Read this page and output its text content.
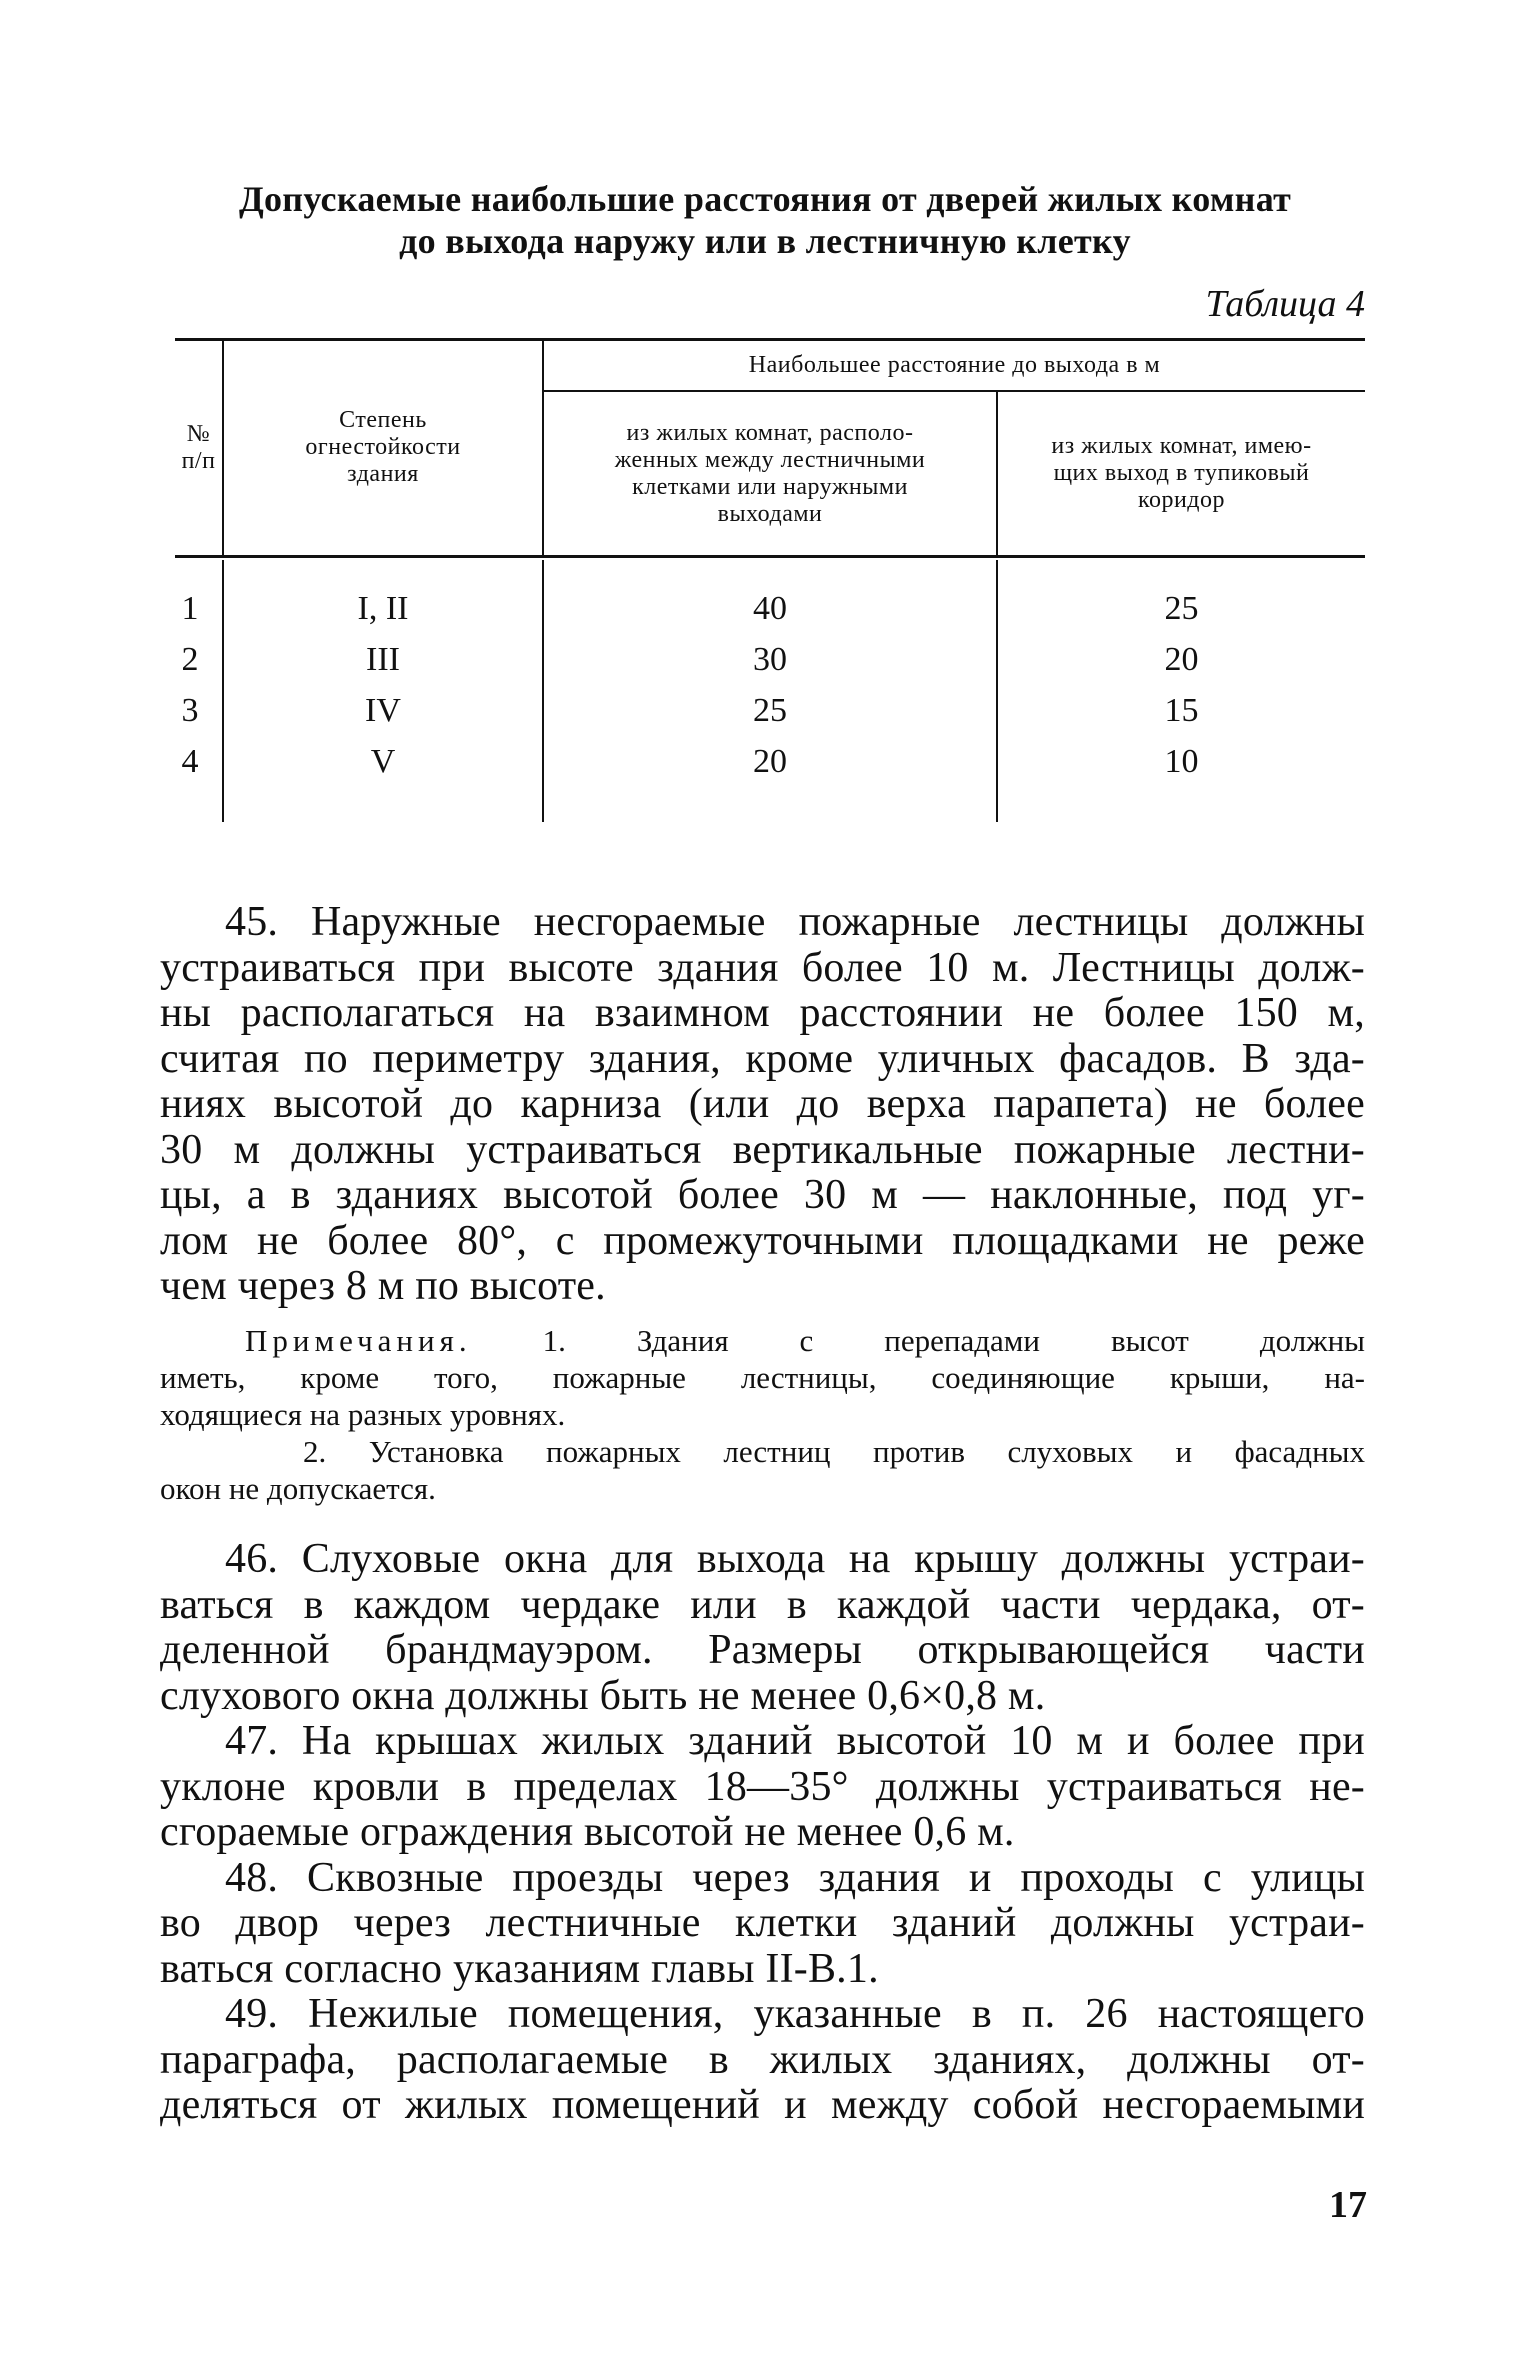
Допускаемые наибольшие расстояния от дверей жилых комнат
до выхода наружу или в лестничную клетку
Таблица 4
№
п/п
Степень
огнестойкости
здания
Наибольшее расстояние до выхода в м
из жилых комнат, располо-
женных между лестничными
клетками или наружными
выходами
из жилых комнат, имею-
щих выход в тупиковый
коридор
1
2
3
4
I, II
III
IV
V
40
30
25
20
25
20
15
10
45. Наружные несгораемые пожарные лестницы должны
устраиваться при высоте здания более 10 м. Лестницы долж-
ны располагаться на взаимном расстоянии не более 150 м,
считая по периметру здания, кроме уличных фасадов. В зда-
ниях высотой до карниза (или до верха парапета) не более
30 м должны устраиваться вертикальные пожарные лестни-
цы, а в зданиях высотой более 30 м — наклонные, под уг-
лом не более 80°, с промежуточными площадками не реже
чем через 8 м по высоте.
Примечания. 1. Здания с перепадами высот должны
иметь, кроме того, пожарные лестницы, соединяющие крыши, на-
ходящиеся на разных уровнях.
2. Установка пожарных лестниц против слуховых и фасадных
окон не допускается.
46. Слуховые окна для выхода на крышу должны устраи-
ваться в каждом чердаке или в каждой части чердака, от-
деленной брандмауэром. Размеры открывающейся части
слухового окна должны быть не менее 0,6×0,8 м.
47. На крышах жилых зданий высотой 10 м и более при
уклоне кровли в пределах 18—35° должны устраиваться не-
сгораемые ограждения высотой не менее 0,6 м.
48. Сквозные проезды через здания и проходы с улицы
во двор через лестничные клетки зданий должны устраи-
ваться согласно указаниям главы II-В.1.
49. Нежилые помещения, указанные в п. 26 настоящего
параграфа, располагаемые в жилых зданиях, должны от-
деляться от жилых помещений и между собой несгораемыми
17
